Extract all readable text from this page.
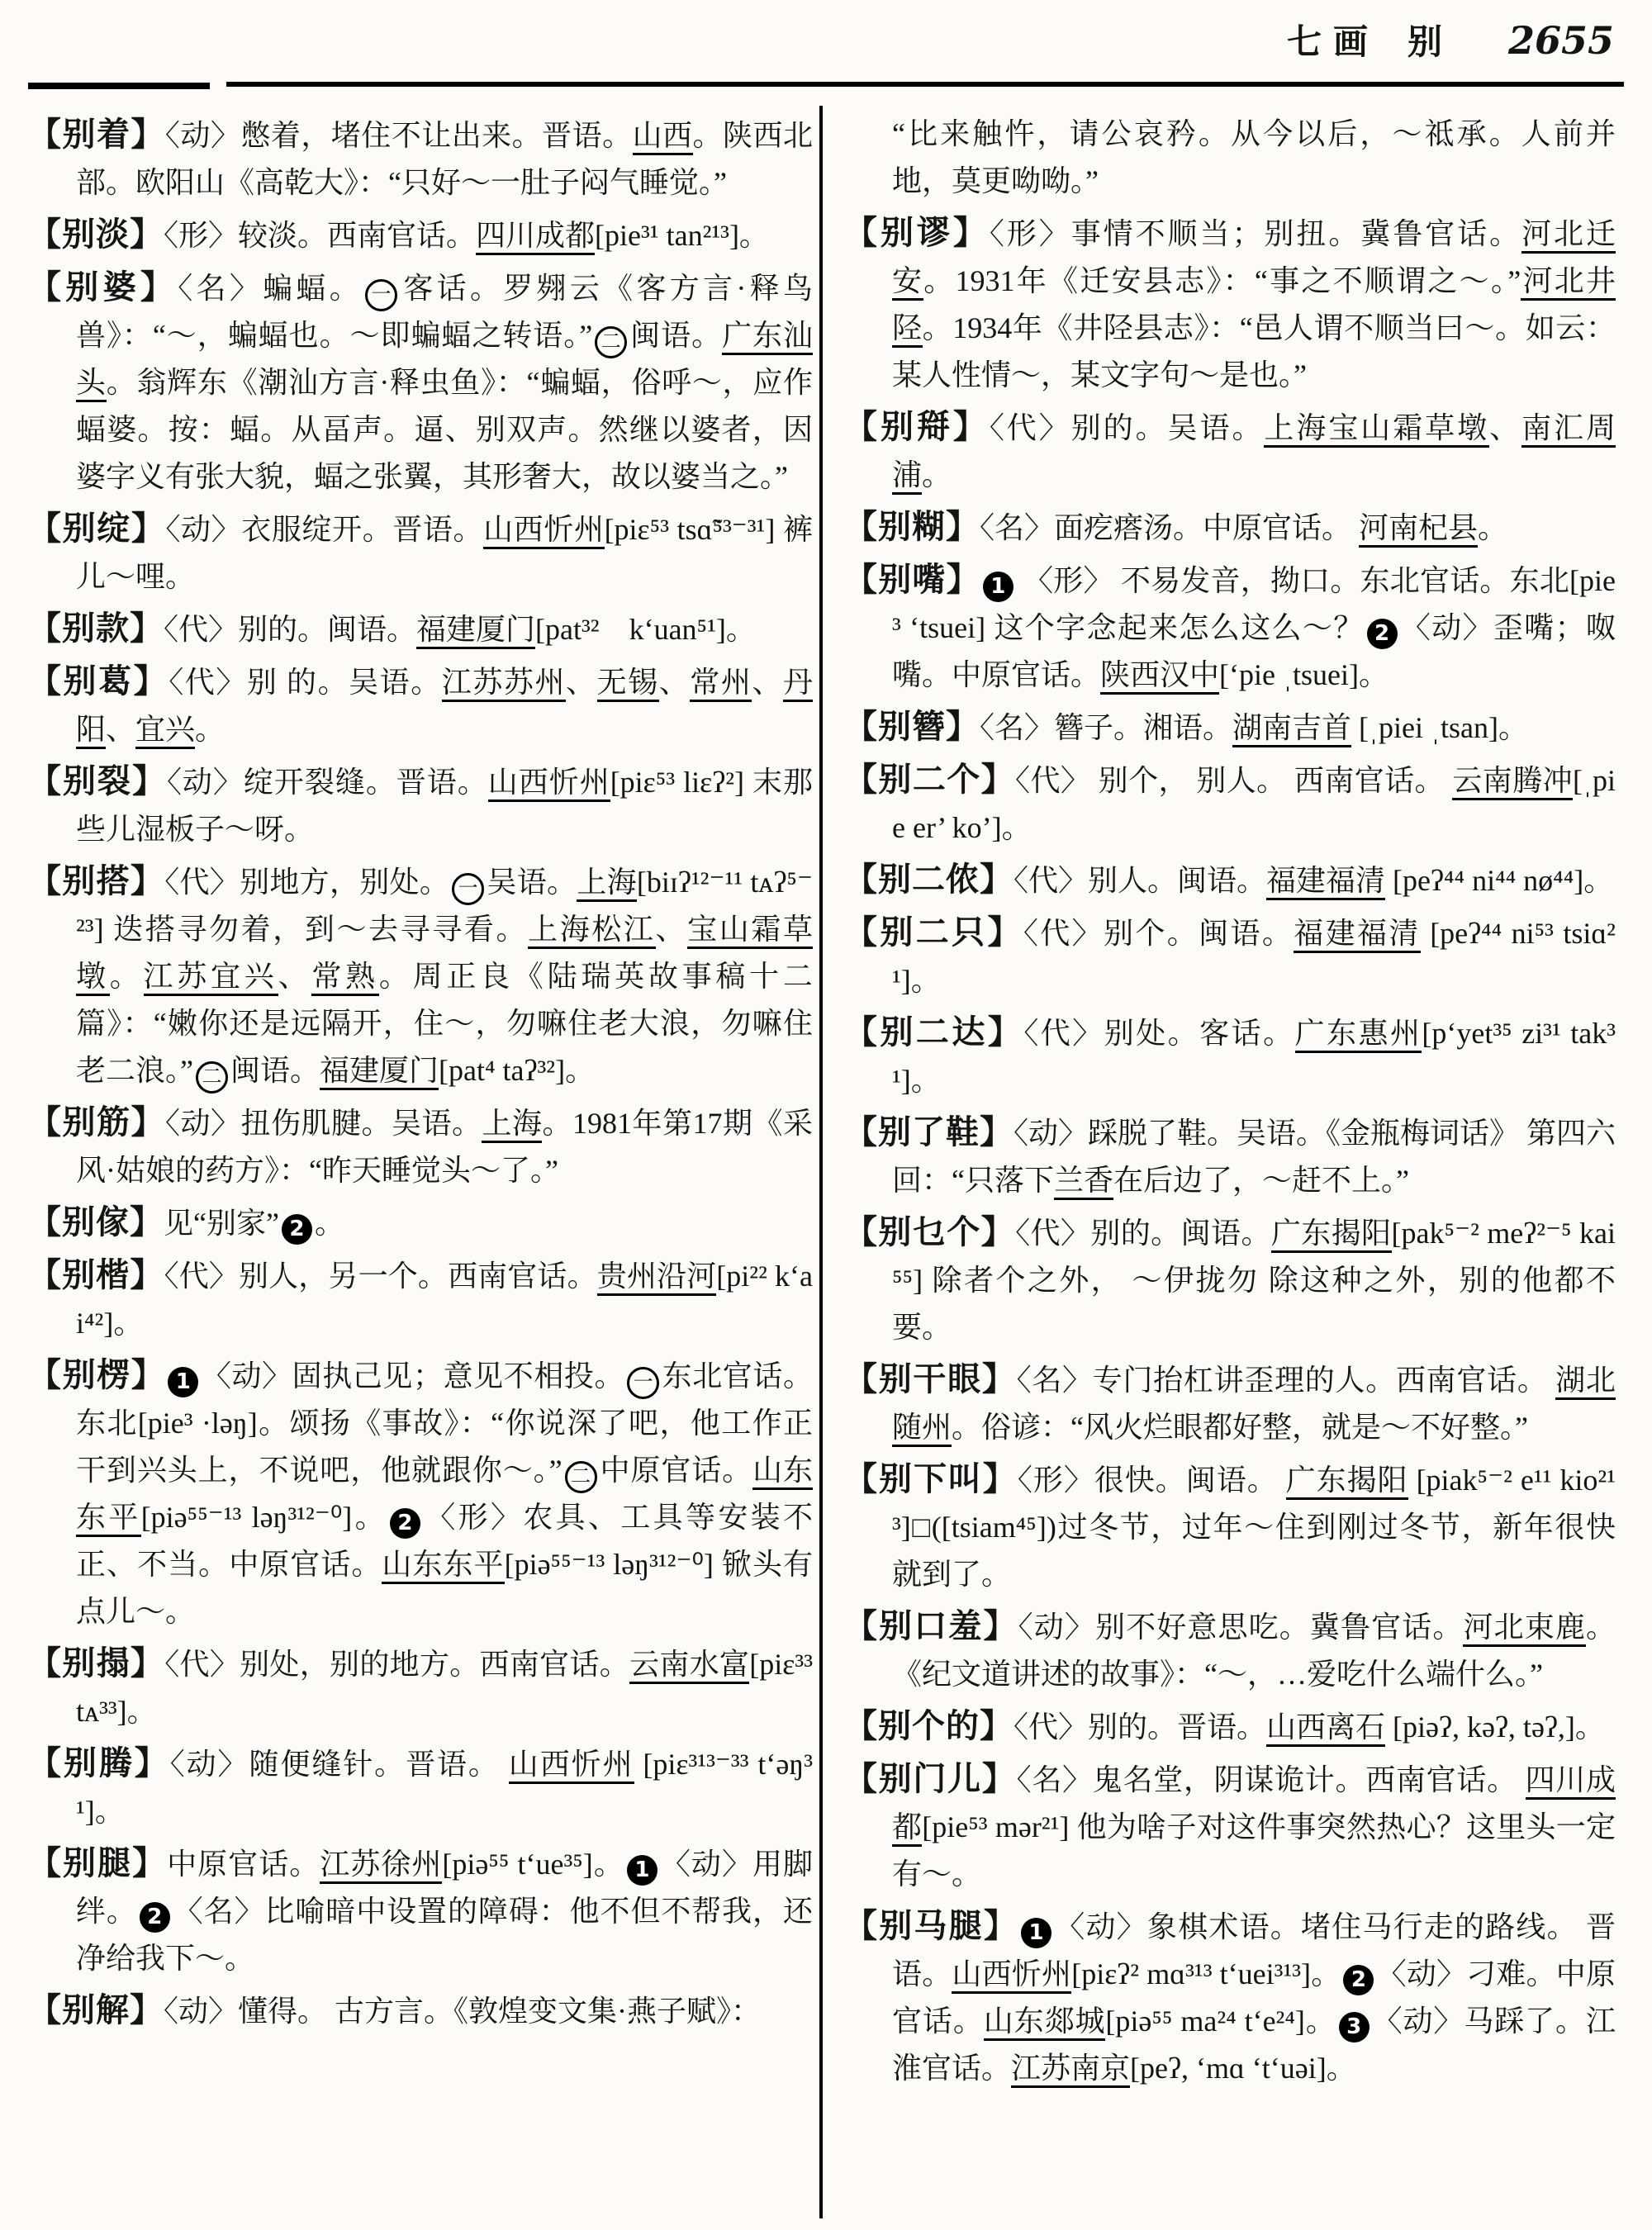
七画 别 2655
【别着】〈动〉憋着，堵住不让出来。晋语。山西。陕西北部。欧阳山《高乾大》：“只好～一肚子闷气睡觉。”
【别淡】〈形〉较淡。西南官话。四川成都[pie³¹ tan²¹³]。
【别婆】〈名〉蝙蝠。 一 客话。罗翙云《客方言·释鸟兽》：“～，蝙蝠也。～即蝙蝠之转语。” 二 闽语。广东汕头。翁辉东《潮汕方言·释虫鱼》：“蝙蝠，俗呼～，应作蝠婆。按：蝠。从畐声。逼、别双声。然继以婆者，因婆字义有张大貌，蝠之张翼，其形奢大，故以婆当之。”
【别绽】〈动〉衣服绽开。晋语。山西忻州[piɛ⁵³ tsɑ̃⁵³⁻³¹] 裤儿～哩。
【别款】〈代〉别的。闽语。福建厦门[pat³²　k‘uan⁵¹]。
【别葛】〈代〉别 的。吴语。江苏苏州、无锡、常州、丹阳、宜兴。
【别裂】〈动〉绽开裂缝。晋语。山西忻州[piɛ⁵³ liɛʔ²] 末那些儿湿板子～呀。
【别搭】〈代〉别地方，别处。 一 吴语。上海[biɪʔ¹²⁻¹¹ tᴀʔ⁵⁻²³] 迭搭寻勿着，到～去寻寻看。上海松江、宝山霜草墩。江苏宜兴、常熟。周正良《陆瑞英故事稿十二篇》：“嫩你还是远隔开，住～，勿嘛住老大浪，勿嘛住老二浪。” 二 闽语。福建厦门[pat⁴ taʔ³²]。
【别筋】〈动〉扭伤肌腱。吴语。上海。1981年第17期《采风·姑娘的药方》：“昨天睡觉头～了。”
【别傢】见“别家” 2 。
【别楷】〈代〉别人，另一个。西南官话。贵州沿河[pi²² k‘ai⁴²]。
【别楞】 1 〈动〉固执己见；意见不相投。 一 东北官话。东北[pie³ ·ləŋ]。颂扬《事故》：“你说深了吧，他工作正干到兴头上，不说吧，他就跟你～。” 二 中原官话。山东东平[piə⁵⁵⁻¹³ ləŋ³¹²⁻⁰]。 2 〈形〉农具、工具等安装不正、不当。中原官话。山东东平[piə⁵⁵⁻¹³ ləŋ³¹²⁻⁰] 锨头有点儿～。
【别搨】〈代〉别处，别的地方。西南官话。云南水富[piɛ³³ tᴀ³³]。
【别腾】〈动〉随便缝针。晋语。 山西忻州 [piɛ³¹³⁻³³ t‘əŋ³¹]。
【别腿】中原官话。江苏徐州[piə⁵⁵ t‘ue³⁵]。 1 〈动〉用脚绊。 2 〈名〉比喻暗中设置的障碍：他不但不帮我，还净给我下～。
【别解】〈动〉懂得。 古方言。《敦煌变文集·燕子赋》：
“比来触忤，请公哀矜。从今以后，～祗承。人前并地，莫更呦呦。”
【别谬】〈形〉事情不顺当；别扭。冀鲁官话。河北迁安。1931年《迁安县志》：“事之不顺谓之～。”河北井陉。1934年《井陉县志》：“邑人谓不顺当曰～。如云：某人性情～，某文字句～是也。”
【别搿】〈代〉别的。吴语。上海宝山霜草墩、南汇周浦。
【别糊】〈名〉面疙瘩汤。中原官话。 河南杞县。
【别嘴】 1 〈形〉 不易发音，拗口。东北官话。东北[pie³ ‘tsuei] 这个字念起来怎么这么～？ 2 〈动〉歪嘴；呶嘴。中原官话。陕西汉中[‘pie ˌtsuei]。
【别簪】〈名〉簪子。湘语。湖南吉首 [ˌpiei ˌtsan]。
【别二个】〈代〉 别个， 别人。 西南官话。 云南腾冲[ˌpie er’ ko’]。
【别二侬】〈代〉别人。闽语。福建福清 [peʔ⁴⁴ ni⁴⁴ nø⁴⁴]。
【别二只】〈代〉别个。闽语。福建福清 [peʔ⁴⁴ ni⁵³ tsiɑ²¹]。
【别二达】〈代〉别处。客话。广东惠州[p‘yet³⁵ zi³¹ tak³¹]。
【别了鞋】〈动〉踩脱了鞋。吴语。《金瓶梅词话》 第四六回：“只落下兰香在后边了，～赶不上。”
【别乜个】〈代〉别的。闽语。广东揭阳[pak⁵⁻² meʔ²⁻⁵ kai⁵⁵] 除者个之外， ～伊拢勿 除这种之外，别的他都不要。
【别干眼】〈名〉专门抬杠讲歪理的人。西南官话。 湖北随州。俗谚：“风火烂眼都好整，就是～不好整。”
【别下叫】〈形〉很快。闽语。 广东揭阳 [piak⁵⁻² e¹¹ kio²¹³]□([tsiam⁴⁵])过冬节，过年～住到刚过冬节，新年很快就到了。
【别口羞】〈动〉别不好意思吃。冀鲁官话。河北束鹿。《纪文道讲述的故事》：“～，…爱吃什么端什么。”
【别个的】〈代〉别的。晋语。山西离石 [piəʔ, kəʔ, təʔ,]。
【别门儿】〈名〉鬼名堂，阴谋诡计。西南官话。 四川成都[pie⁵³ mər²¹] 他为啥子对这件事突然热心？这里头一定有～。
【别马腿】 1 〈动〉象棋术语。堵住马行走的路线。 晋语。山西忻州[piɛʔ² mɑ³¹³ t‘uei³¹³]。 2 〈动〉刁难。中原官话。山东郯城[piə⁵⁵ ma²⁴ t‘e²⁴]。 3 〈动〉马踩了。江淮官话。江苏南京[peʔ, ‘mɑ ‘t‘uəi]。
